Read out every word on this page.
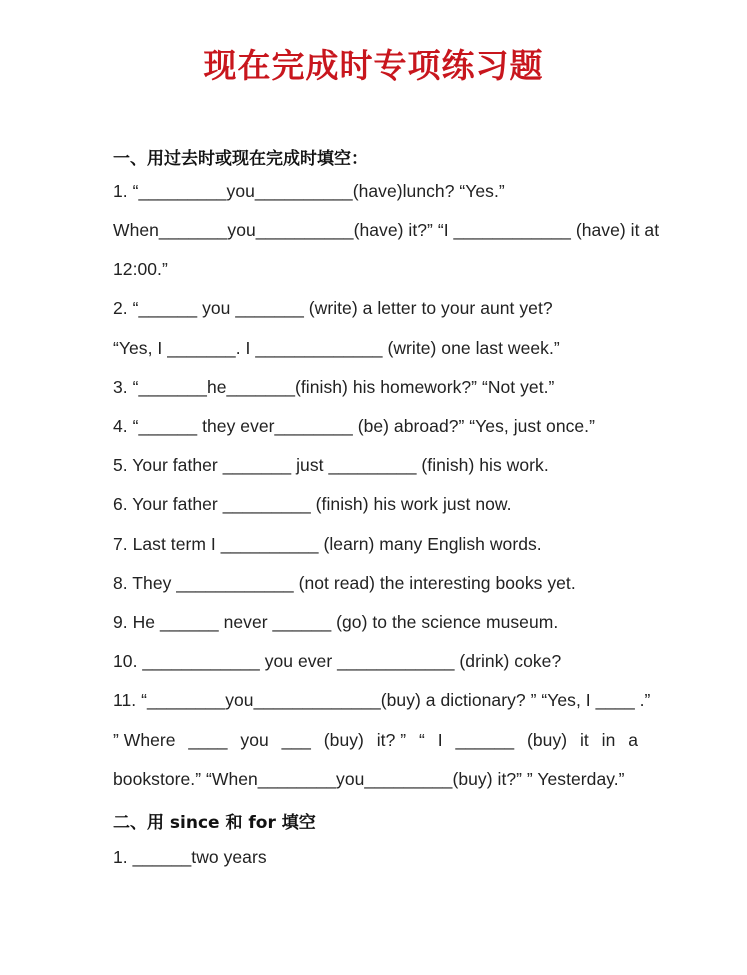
现在完成时专项练习题
一、用过去时或现在完成时填空：
1. “_________you__________(have)lunch? “Yes.”
When_______you__________(have) it?” “I ____________ (have) it at
12:00.”
2. “______ you _______ (write) a letter to your aunt yet?
“Yes, I _______. I _____________ (write) one last week.”
3. “_______he_______(finish) his homework?” “Not yet.”
4. “______ they ever________ (be) abroad?” “Yes, just once.”
5. Your father _______ just _________ (finish) his work.
6. Your father _________ (finish) his work just now.
7. Last term I __________ (learn) many English words.
8. They ____________ (not read) the interesting books yet.
9. He ______ never ______ (go) to the science museum.
10. ____________ you ever ____________ (drink) coke?
11. “________you_____________(buy) a dictionary? ” “Yes, I ____ .”
” Where ____ you ___ (buy) it? ” “ I ______ (buy) it in a
bookstore.” “When________you_________(buy) it?” ” Yesterday.”
二、用 since 和 for 填空
1. ______two years
